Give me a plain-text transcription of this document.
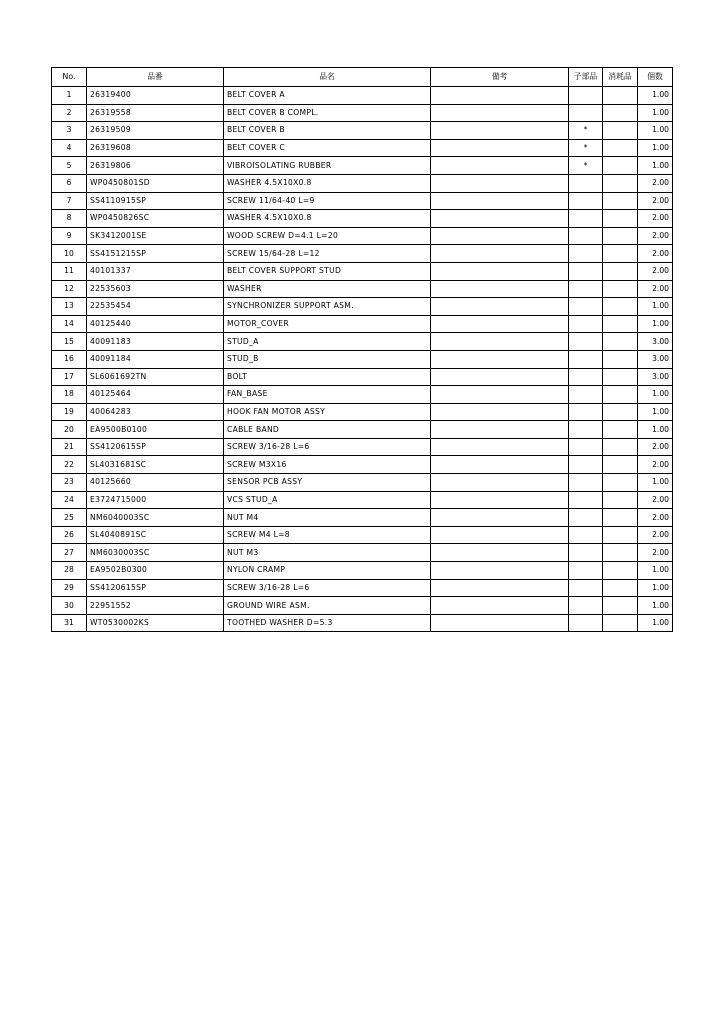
No.	品番	品名	備考	子部品	消耗品	個数
1	26319400	BELT COVER A				1.00
2	26319558	BELT COVER B COMPL.				1.00
3	26319509	BELT COVER B		*		1.00
4	26319608	BELT COVER C		*		1.00
5	26319806	VIBROISOLATING RUBBER		*		1.00
6	WP0450801SD	WASHER 4.5X10X0.8				2.00
7	SS4110915SP	SCREW 11/64-40 L=9				2.00
8	WP0450826SC	WASHER 4.5X10X0.8				2.00
9	SK3412001SE	WOOD SCREW D=4.1 L=20				2.00
10	SS4151215SP	SCREW 15/64-28 L=12				2.00
11	40101337	BELT COVER SUPPORT STUD				2.00
12	22535603	WASHER				2.00
13	22535454	SYNCHRONIZER SUPPORT ASM.				1.00
14	40125440	MOTOR_COVER				1.00
15	40091183	STUD_A				3.00
16	40091184	STUD_B				3.00
17	SL6061692TN	BOLT				3.00
18	40125464	FAN_BASE				1.00
19	40064283	HOOK FAN MOTOR ASSY				1.00
20	EA9500B0100	CABLE BAND				1.00
21	SS4120615SP	SCREW 3/16-28 L=6				2.00
22	SL4031681SC	SCREW M3X16				2.00
23	40125660	SENSOR PCB ASSY				1.00
24	E3724715000	VCS STUD_A				2.00
25	NM6040003SC	NUT M4				2.00
26	SL4040891SC	SCREW M4 L=8				2.00
27	NM6030003SC	NUT M3				2.00
28	EA9502B0300	NYLON CRAMP				1.00
29	SS4120615SP	SCREW 3/16-28 L=6				1.00
30	22951552	GROUND WIRE ASM.				1.00
31	WT0530002KS	TOOTHED WASHER D=5.3				1.00
